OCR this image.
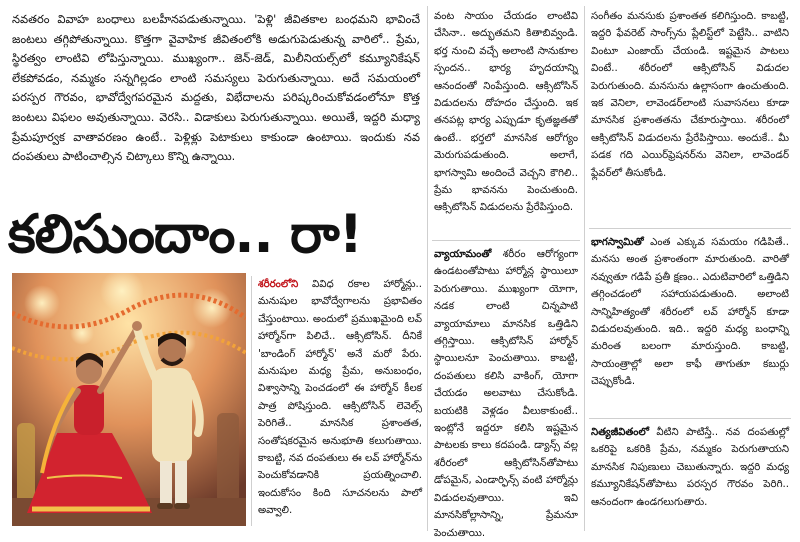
నవతరం వివాహ బంధాలు బలహీనపడుతున్నాయి. 'పెళ్లి' జీవితకాల బంధమని భావించే జంటలు తగ్గిపోతున్నాయి. కొత్తగా వైవాహిక జీవితంలోకి అడుగుపెడుతున్న వారిలో.. ప్రేమ, స్థిరత్వం లాంటివి లోపిస్తున్నాయి. ముఖ్యంగా.. జెన్-జెడ్, మిలీనియల్స్‌లో కమ్యూనికేషన్ లేకపోవడం, నమ్మకం సన్నగిల్లడం లాంటి సమస్యలు పెరుగుతున్నాయి. అదే సమయంలో పరస్పర గౌరవం, భావోద్వేగపరమైన మద్దతు, విభేదాలను పరిష్కరించుకోవడంలోనూ కొత్త జంటలు విఫలం అవుతున్నాయి. వెరసి.. విడాకులు పెరుగుతున్నాయి. అయితే, ఇద్దరి మధ్యా ప్రేమపూర్వక వాతావరణం ఉంటే.. పెళ్లిళ్లు పెటాకులు కాకుండా ఉంటాయి. ఇందుకు నవ దంపతులు పాటించాల్సిన చిట్కాలు కొన్ని ఉన్నాయి.
కలిసుందాం.. రా!
శరీరంలోని వివిధ రకాల హార్మోన్లు.. మనుషుల భావోద్వేగాలను ప్రభావితం చేస్తుంటాయి. అందులో ప్రముఖమైంది లవ్ హార్మోన్‌గా పిలిచే.. ఆక్సిటోసిన్. దీనికే 'బాండింగ్ హార్మోన్' అనే మరో పేరు. మనుషుల మధ్య ప్రేమ, అనుబంధం, విశ్వాసాన్ని పెంచడంలో ఈ హార్మోన్ కీలక పాత్ర పోషిస్తుంది. ఆక్సిటోసిన్ లెవెల్స్ పెరిగితే.. మానసిక ప్రశాంతత, సంతోషకరమైన అనుభూతి కలుగుతాయి. కాబట్టి, నవ దంపతులు ఈ లవ్ హార్మోన్‌ను పెంచుకోవడానికి ప్రయత్నించాలి. ఇందుకోసం కింది సూచనలను పాలో అవ్వాలి.
వంట సాయం చేయడం లాంటివి చేసినా.. అద్భుతమని కితాబివ్వండి. భర్త నుంచి వచ్చే అలాంటి సానుకూల స్పందన.. భార్య హృదయాన్ని ఆనందంతో నింపేస్తుంది. ఆక్సిటోసిన్ విడుదలను దోహదం చేస్తుంది. ఇక తనపట్ల భార్య ఎప్పుడూ కృతజ్ఞతతో ఉంటే.. భర్తలో మానసిక ఆరోగ్యం మెరుగుపడుతుంది. అలాగే, భాగస్వామి అందించే వెచ్చని కౌగిలి.. ప్రేమ భావనను పెంచుతుంది. ఆక్సిటోసిన్ విడుదలను ప్రేరేపిస్తుంది.
వ్యాయామంతో శరీరం ఆరోగ్యంగా ఉండటంతోపాటు హార్మోన్ల స్థాయిలూ పెరుగుతాయి. ముఖ్యంగా యోగా, నడక లాంటి చిన్నపాటి వ్యాయామాలు మానసిక ఒత్తిడిని తగ్గిస్తాయి. ఆక్సిటోసిన్ హార్మోన్ స్థాయిలనూ పెంచుతాయి. కాబట్టి, దంపతులు కలిసి వాకింగ్, యోగా చేయడం అలవాటు చేసుకోండి. బయటికి వెళ్లడం వీలుకాకుంటే.. ఇంట్లోనే ఇద్దరూ కలిసి ఇష్టమైన పాటలకు కాలు కదపండి. డ్యాన్స్ వల్ల శరీరంలో ఆక్సిటోసిన్‌తోపాటు డోపమైన్, ఎండార్ఫిన్స్ వంటి హార్మోన్లు విడుదలవుతాయి. ఇవి మానసికోల్లాసాన్ని, ప్రేమనూ పెంచుతాయి.
సంగీతం మనసుకు ప్రశాంతత కలిగిస్తుంది. కాబట్టి, ఇద్దరి ఫేవరెట్ సాంగ్స్‌ను ప్లేలిస్ట్‌లో పెట్టేసి.. వాటిని వింటూ ఎంజాయ్ చేయండి. ఇష్టమైన పాటలు వింటే.. శరీరంలో ఆక్సిటోసిన్ విడుదల పెరుగుతుంది. మనసును ఉల్లాసంగా ఉంచుతుంది. ఇక వెనిలా, లావెండర్‌లాంటి సువాసనలు కూడా మానసిక ప్రశాంతతను చేకూరుస్తాయి. శరీరంలో ఆక్సిటోసిన్ విడుదలను ప్రేరేపిస్తాయి. అందుకే.. మీ పడక గది ఎయిర్‌ఫ్రెషనర్‌ను వెనిలా, లావెండర్ ఫ్లేవర్‌లో తీసుకోండి.
భాగస్వామితో ఎంత ఎక్కువ సమయం గడిపితే.. మనసు అంత ప్రశాంతంగా మారుతుంది. వారితో నవ్వుతూ గడిపే ప్రతీ క్షణం.. ఎదుటివారిలో ఒత్తిడిని తగ్గించడంలో సహాయపడుతుంది. అలాంటి సాన్నిహిత్యంతో శరీరంలో లవ్ హార్మోన్ కూడా విడుదలవుతుంది. ఇది.. ఇద్దరి మధ్య బంధాన్ని మరింత బలంగా మారుస్తుంది. కాబట్టి, సాయంత్రాల్లో అలా కాఫీ తాగుతూ కబుర్లు చెప్పుకోండి.
నిత్యజీవితంలో వీటిని పాటిస్తే.. నవ దంపతుల్లో ఒకరిపై ఒకరికి ప్రేమ, నమ్మకం పెరుగుతాయని మానసిక నిపుణులు చెబుతున్నారు. ఇద్దరి మధ్య కమ్యూనికేషన్‌తోపాటు పరస్పర గౌరవం పెరిగి.. ఆనందంగా ఉండగలుగుతారు.
